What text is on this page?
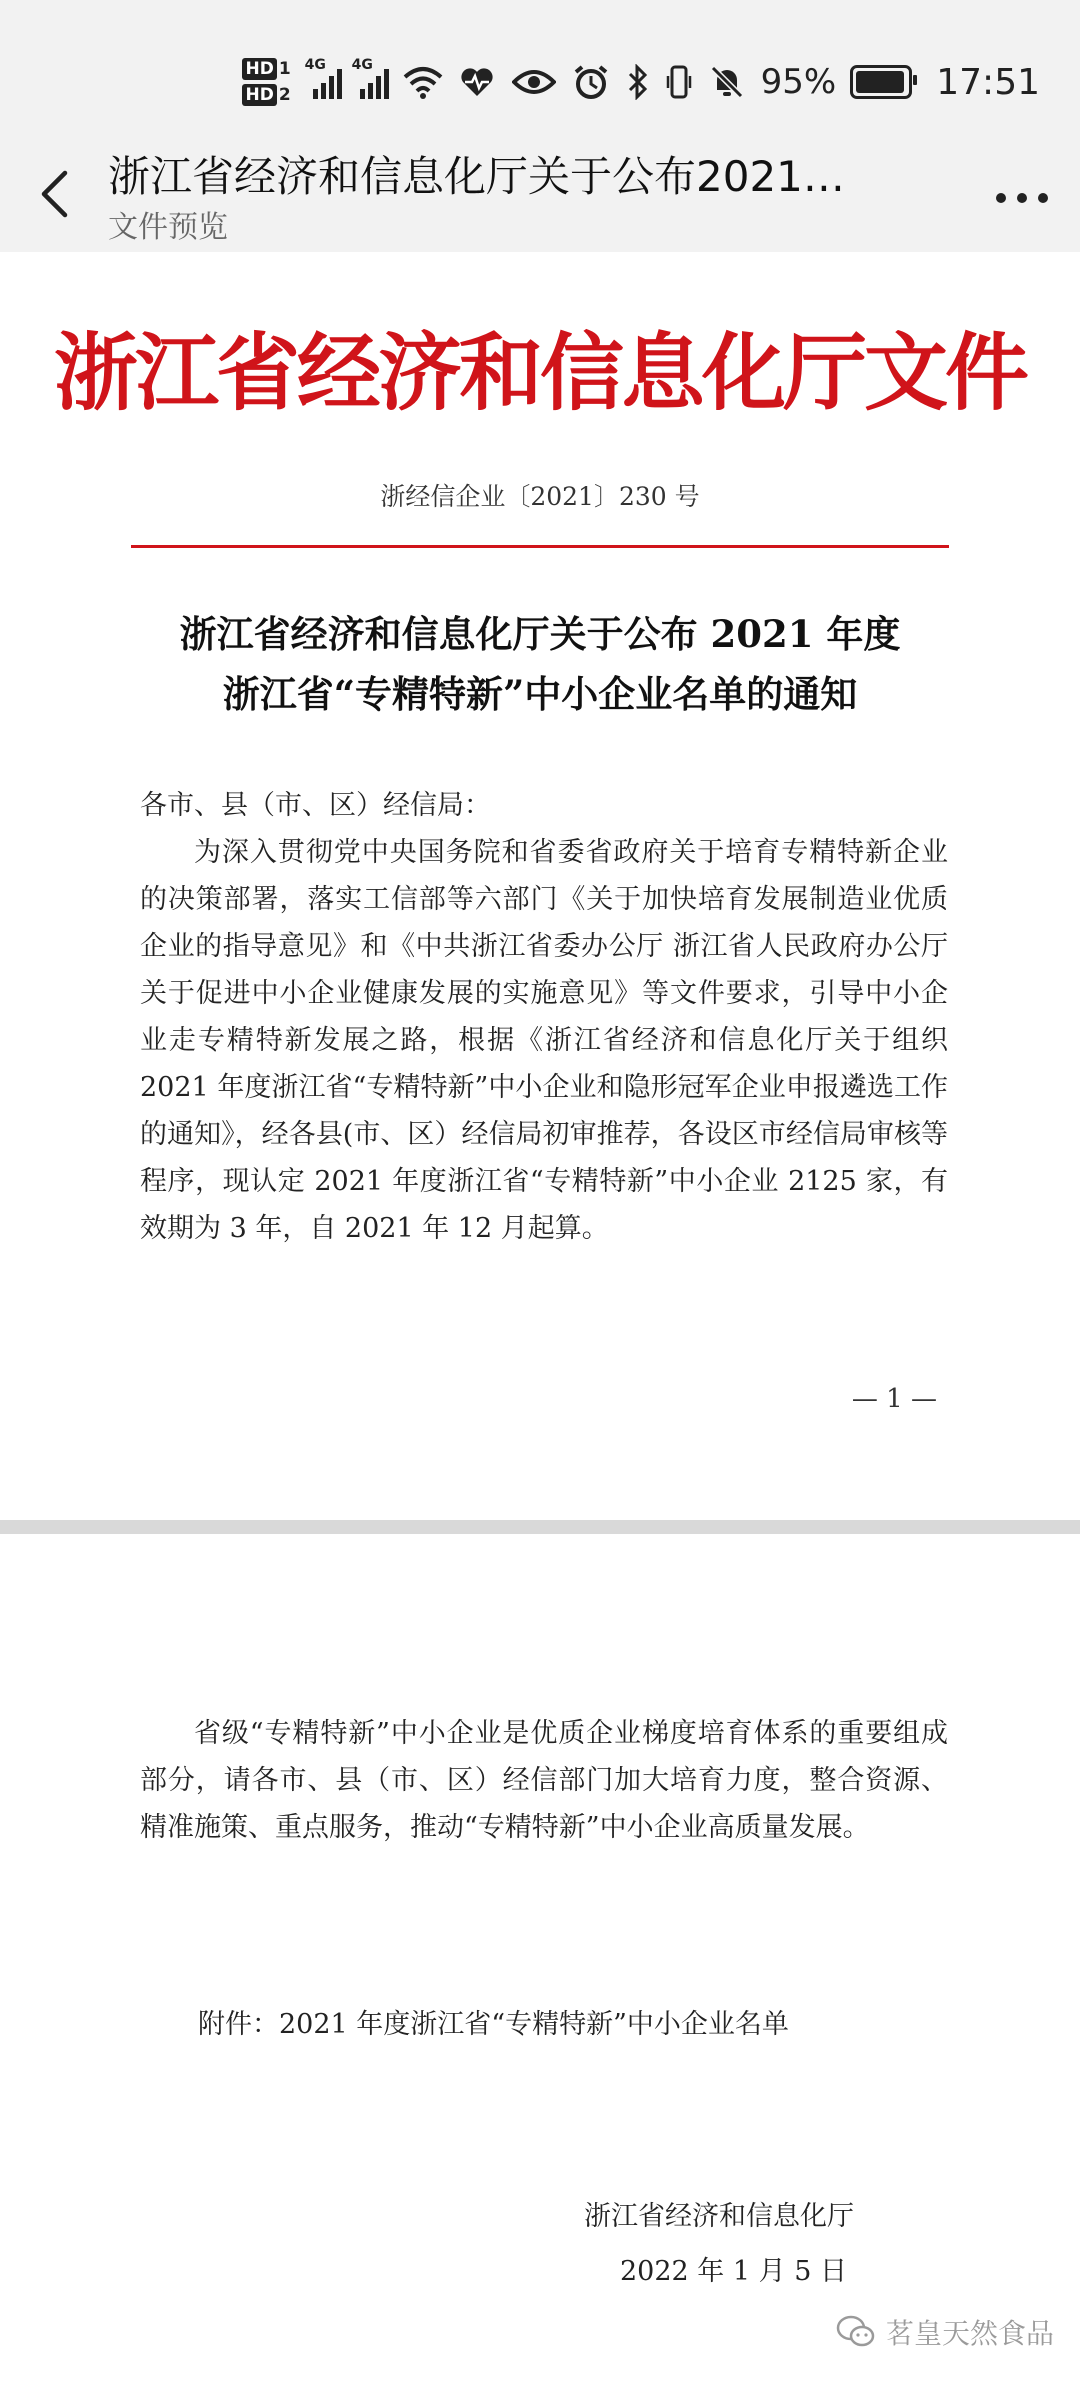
HD 1
HD 2
4G 4G	95%	17:51
浙江省经济和信息化厅关于公布2021…
文件预览
浙江省经济和信息化厅文件
浙经信企业〔2021〕230 号
浙江省经济和信息化厅关于公布 2021 年度
浙江省“专精特新”中小企业名单的通知
各市、县（市、区）经信局：
为深入贯彻党中央国务院和省委省政府关于培育专精特新企业的决策部署，落实工信部等六部门《关于加快培育发展制造业优质企业的指导意见》和《中共浙江省委办公厅 浙江省人民政府办公厅关于促进中小企业健康发展的实施意见》等文件要求，引导中小企业走专精特新发展之路，根据《浙江省经济和信息化厅关于组织 2021 年度浙江省“专精特新”中小企业和隐形冠军企业申报遴选工作的通知》，经各县(市、区）经信局初审推荐，各设区市经信局审核等程序，现认定 2021 年度浙江省“专精特新”中小企业 2125 家，有效期为 3 年，自 2021 年 12 月起算。
— 1 —
省级“专精特新”中小企业是优质企业梯度培育体系的重要组成部分，请各市、县（市、区）经信部门加大培育力度，整合资源、精准施策、重点服务，推动“专精特新”中小企业高质量发展。
附件：2021 年度浙江省“专精特新”中小企业名单
浙江省经济和信息化厅
2022 年 1 月 5 日
茗皇天然食品
